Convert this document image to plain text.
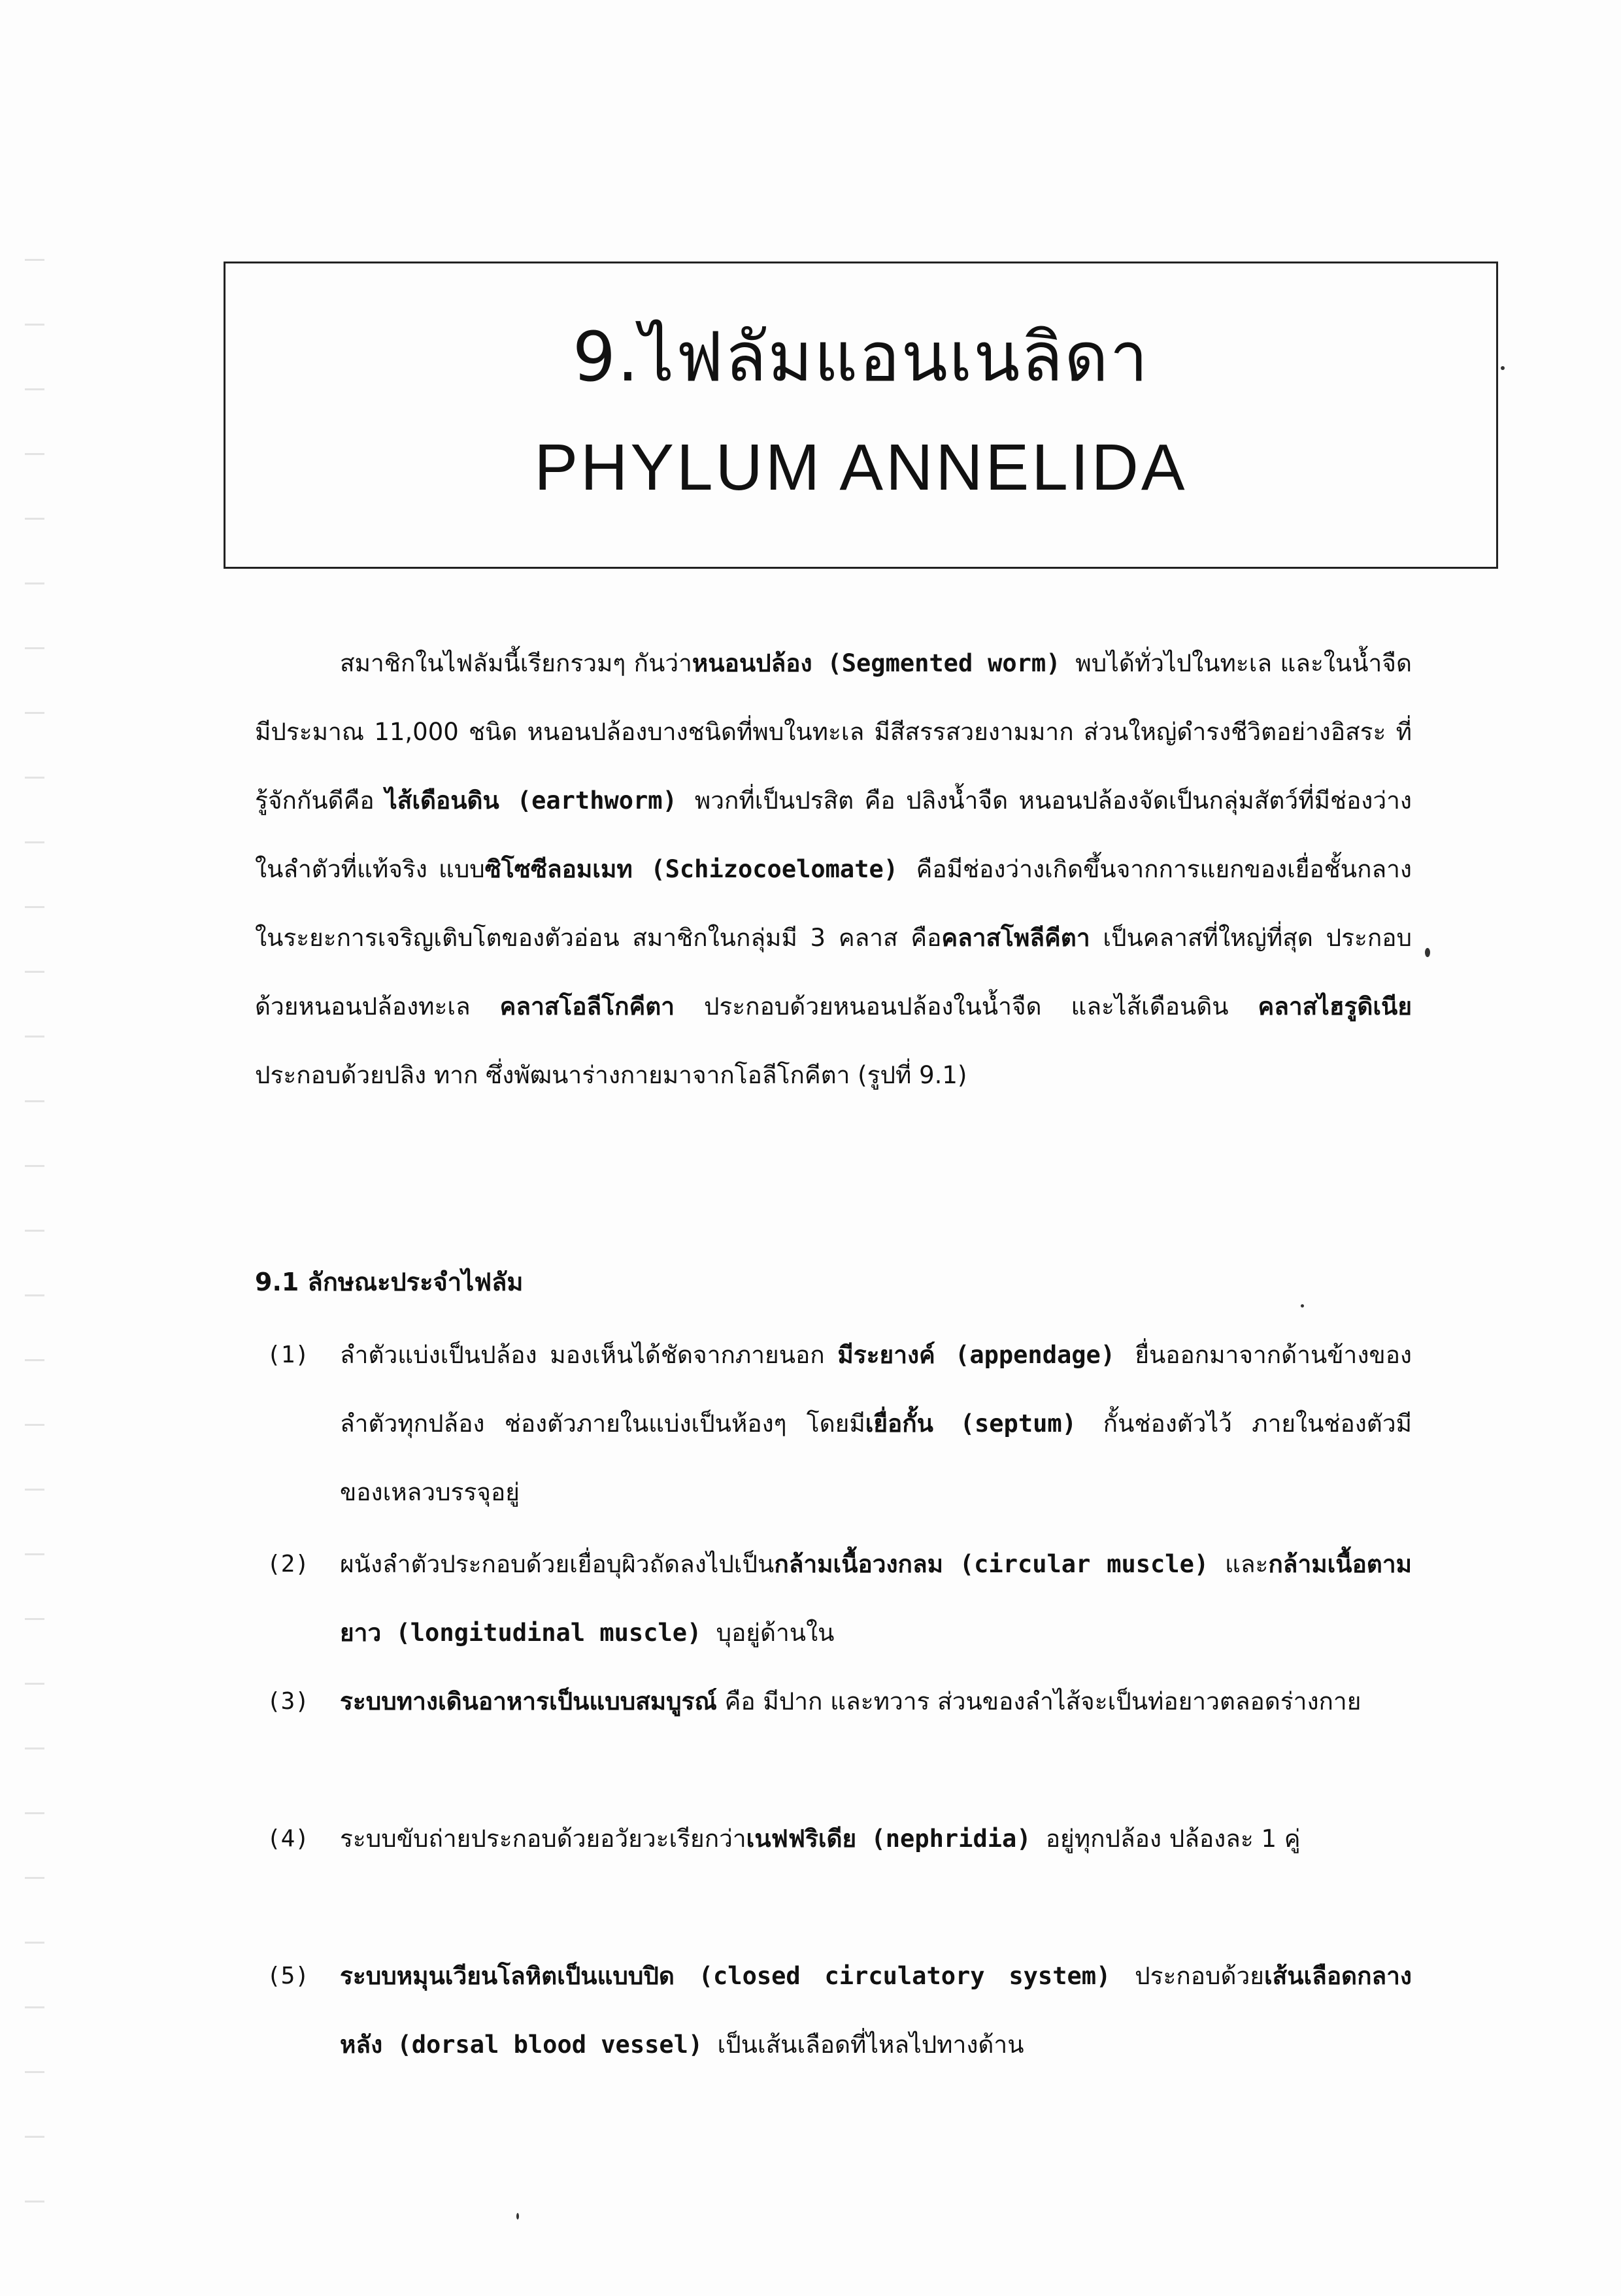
9.ไฟลัมแอนเนลิดา
PHYLUM ANNELIDA
สมาชิกในไฟลัมนี้เรียกรวมๆ กันว่าหนอนปล้อง (Segmented worm) พบได้ทั่วไปในทะเล และในน้ำจืด มีประมาณ 11,000 ชนิด หนอนปล้องบางชนิดที่พบในทะเล มีสีสรรสวยงามมาก ส่วนใหญ่ดำรงชีวิตอย่างอิสระ ที่รู้จักกันดีคือ ไส้เดือนดิน (earthworm) พวกที่เป็นปรสิต คือ ปลิงน้ำจืด หนอนปล้องจัดเป็นกลุ่มสัตว์ที่มีช่องว่างในลำตัวที่แท้จริง แบบซิโซซีลอมเมท (Schizocoelomate) คือมีช่องว่างเกิดขึ้นจากการแยกของเยื่อชั้นกลางในระยะการเจริญเติบโตของตัวอ่อน สมาชิกในกลุ่มมี 3 คลาส คือคลาสโพลีคีตา เป็นคลาสที่ใหญ่ที่สุด ประกอบด้วยหนอนปล้องทะเล คลาสโอลีโกคีตา ประกอบด้วยหนอนปล้องในน้ำจืด และไส้เดือนดิน คลาสไฮรูดิเนีย ประกอบด้วยปลิง ทาก ซึ่งพัฒนาร่างกายมาจากโอลีโกคีตา (รูปที่ 9.1)
9.1 ลักษณะประจำไฟลัม
(1) ลำตัวแบ่งเป็นปล้อง มองเห็นได้ชัดจากภายนอก มีระยางค์ (appendage) ยื่นออกมาจากด้านข้างของลำตัวทุกปล้อง ช่องตัวภายในแบ่งเป็นห้องๆ โดยมีเยื่อกั้น (septum) กั้นช่องตัวไว้ ภายในช่องตัวมีของเหลวบรรจุอยู่
(2) ผนังลำตัวประกอบด้วยเยื่อบุผิวถัดลงไปเป็นกล้ามเนื้อวงกลม (circular muscle) และกล้ามเนื้อตามยาว (longitudinal muscle) บุอยู่ด้านใน
(3) ระบบทางเดินอาหารเป็นแบบสมบูรณ์ คือ มีปาก และทวาร ส่วนของลำไส้จะเป็นท่อยาวตลอดร่างกาย
(4) ระบบขับถ่ายประกอบด้วยอวัยวะเรียกว่าเนฟฟริเดีย (nephridia) อยู่ทุกปล้อง ปล้องละ 1 คู่
(5) ระบบหมุนเวียนโลหิตเป็นแบบปิด (closed circulatory system) ประกอบด้วยเส้นเลือดกลางหลัง (dorsal blood vessel) เป็นเส้นเลือดที่ไหลไปทางด้าน
